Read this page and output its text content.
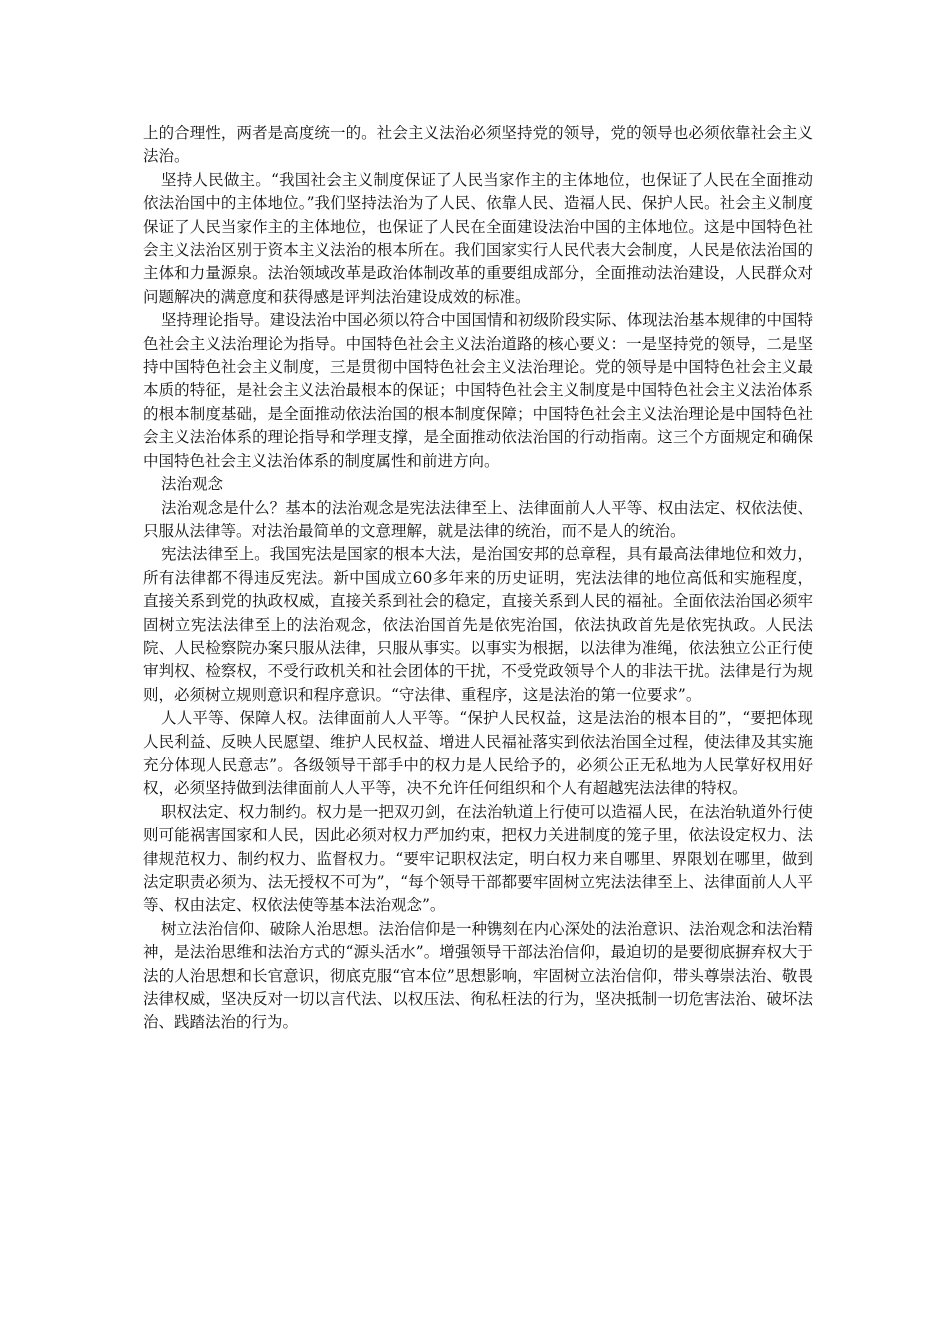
上的合理性，两者是高度统一的。社会主义法治必须坚持党的领导，党的领导也必须依靠社会主义法治。

坚持人民做主。“我国社会主义制度保证了人民当家作主的主体地位，也保证了人民在全面推动依法治国中的主体地位。”我们坚持法治为了人民、依靠人民、造福人民、保护人民。社会主义制度保证了人民当家作主的主体地位，也保证了人民在全面建设法治中国的主体地位。这是中国特色社会主义法治区别于资本主义法治的根本所在。我们国家实行人民代表大会制度，人民是依法治国的主体和力量源泉。法治领域改革是政治体制改革的重要组成部分，全面推动法治建设，人民群众对问题解决的满意度和获得感是评判法治建设成效的标准。

坚持理论指导。建设法治中国必须以符合中国国情和初级阶段实际、体现法治基本规律的中国特色社会主义法治理论为指导。中国特色社会主义法治道路的核心要义：一是坚持党的领导，二是坚持中国特色社会主义制度，三是贯彻中国特色社会主义法治理论。党的领导是中国特色社会主义最本质的特征，是社会主义法治最根本的保证；中国特色社会主义制度是中国特色社会主义法治体系的根本制度基础，是全面推动依法治国的根本制度保障；中国特色社会主义法治理论是中国特色社会主义法治体系的理论指导和学理支撑，是全面推动依法治国的行动指南。这三个方面规定和确保中国特色社会主义法治体系的制度属性和前进方向。

法治观念

法治观念是什么？基本的法治观念是宪法法律至上、法律面前人人平等、权由法定、权依法使、只服从法律等。对法治最简单的文意理解，就是法律的统治，而不是人的统治。

宪法法律至上。我国宪法是国家的根本大法，是治国安邦的总章程，具有最高法律地位和效力，所有法律都不得违反宪法。新中国成立60多年来的历史证明，宪法法律的地位高低和实施程度，直接关系到党的执政权威，直接关系到社会的稳定，直接关系到人民的福祉。全面依法治国必须牢固树立宪法法律至上的法治观念，依法治国首先是依宪治国，依法执政首先是依宪执政。人民法院、人民检察院办案只服从法律，只服从事实。以事实为根据，以法律为准绳，依法独立公正行使审判权、检察权，不受行政机关和社会团体的干扰，不受党政领导个人的非法干扰。法律是行为规则，必须树立规则意识和程序意识。“守法律、重程序，这是法治的第一位要求”。

人人平等、保障人权。法律面前人人平等。“保护人民权益，这是法治的根本目的”，“要把体现人民利益、反映人民愿望、维护人民权益、增进人民福祉落实到依法治国全过程，使法律及其实施充分体现人民意志”。各级领导干部手中的权力是人民给予的，必须公正无私地为人民掌好权用好权，必须坚持做到法律面前人人平等，决不允许任何组织和个人有超越宪法法律的特权。

职权法定、权力制约。权力是一把双刃剑，在法治轨道上行使可以造福人民，在法治轨道外行使则可能祸害国家和人民，因此必须对权力严加约束，把权力关进制度的笼子里，依法设定权力、法律规范权力、制约权力、监督权力。“要牢记职权法定，明白权力来自哪里、界限划在哪里，做到法定职责必须为、法无授权不可为”，“每个领导干部都要牢固树立宪法法律至上、法律面前人人平等、权由法定、权依法使等基本法治观念”。

树立法治信仰、破除人治思想。法治信仰是一种镌刻在内心深处的法治意识、法治观念和法治精神，是法治思维和法治方式的“源头活水”。增强领导干部法治信仰，最迫切的是要彻底摒弃权大于法的人治思想和长官意识，彻底克服“官本位”思想影响，牢固树立法治信仰，带头尊崇法治、敬畏法律权威，坚决反对一切以言代法、以权压法、徇私枉法的行为，坚决抵制一切危害法治、破坏法治、践踏法治的行为。
